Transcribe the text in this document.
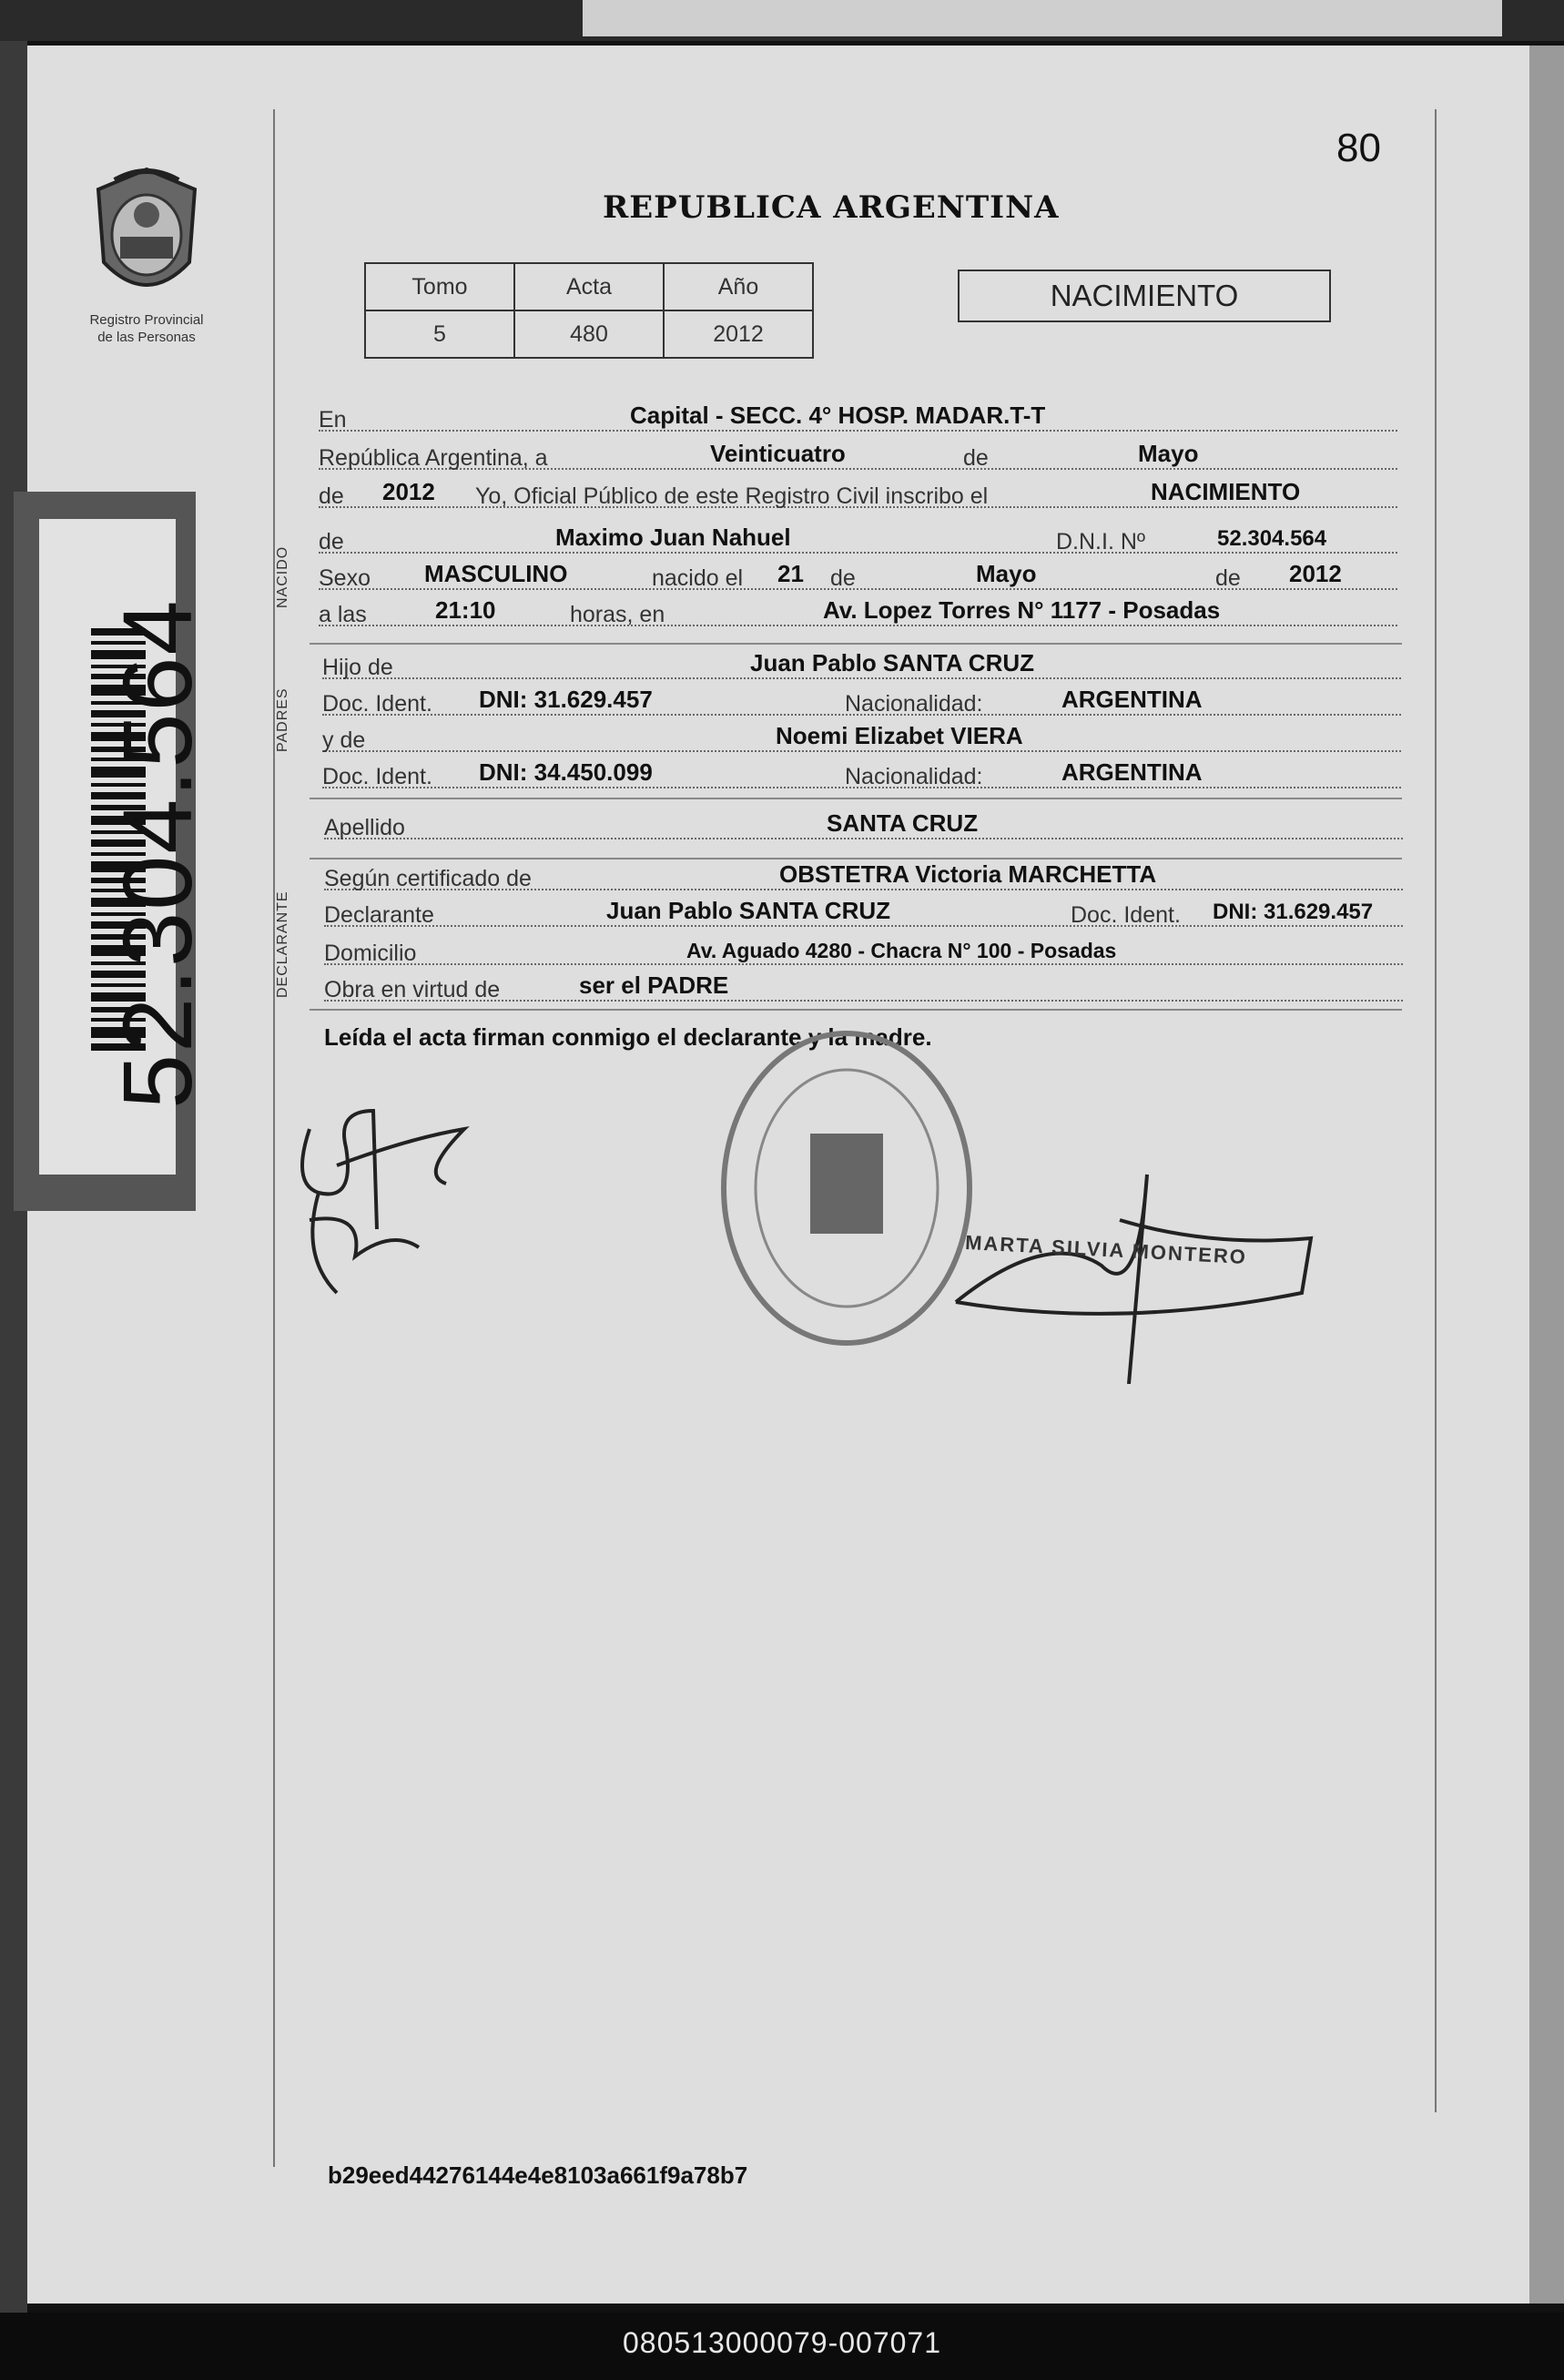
80
Registro Provincial
de las Personas
REPUBLICA ARGENTINA
Tomo	Acta	Año
5	480	2012
NACIMIENTO
En	Capital - SECC. 4° HOSP. MADAR.T-T
República Argentina, a	Veinticuatro	de	Mayo
de 2012 Yo, Oficial Público de este Registro Civil inscribo el	NACIMIENTO
NACIDO
de	Maximo Juan Nahuel	D.N.I. Nº	52.304.564
Sexo MASCULINO	nacido el 21 de	Mayo	de 2012
a las	21:10	horas, en	Av. Lopez Torres N° 1177 - Posadas
PADRES
Hijo de	Juan Pablo SANTA CRUZ
Doc. Ident. DNI: 31.629.457	Nacionalidad:	ARGENTINA
y de	Noemi Elizabet VIERA
Doc. Ident. DNI: 34.450.099	Nacionalidad:	ARGENTINA
Apellido	SANTA CRUZ
DECLARANTE
Según certificado de	OBSTETRA Victoria MARCHETTA
Declarante	Juan Pablo SANTA CRUZ	Doc. Ident. DNI: 31.629.457
Domicilio	Av. Aguado 4280 - Chacra N° 100 - Posadas
Obra en virtud de	ser el PADRE
Leída el acta firman conmigo el declarante y la madre.
MARTA SILVIA MONTERO
52.304.564
b29eed44276144e4e8103a661f9a78b7
080513000079-007071
